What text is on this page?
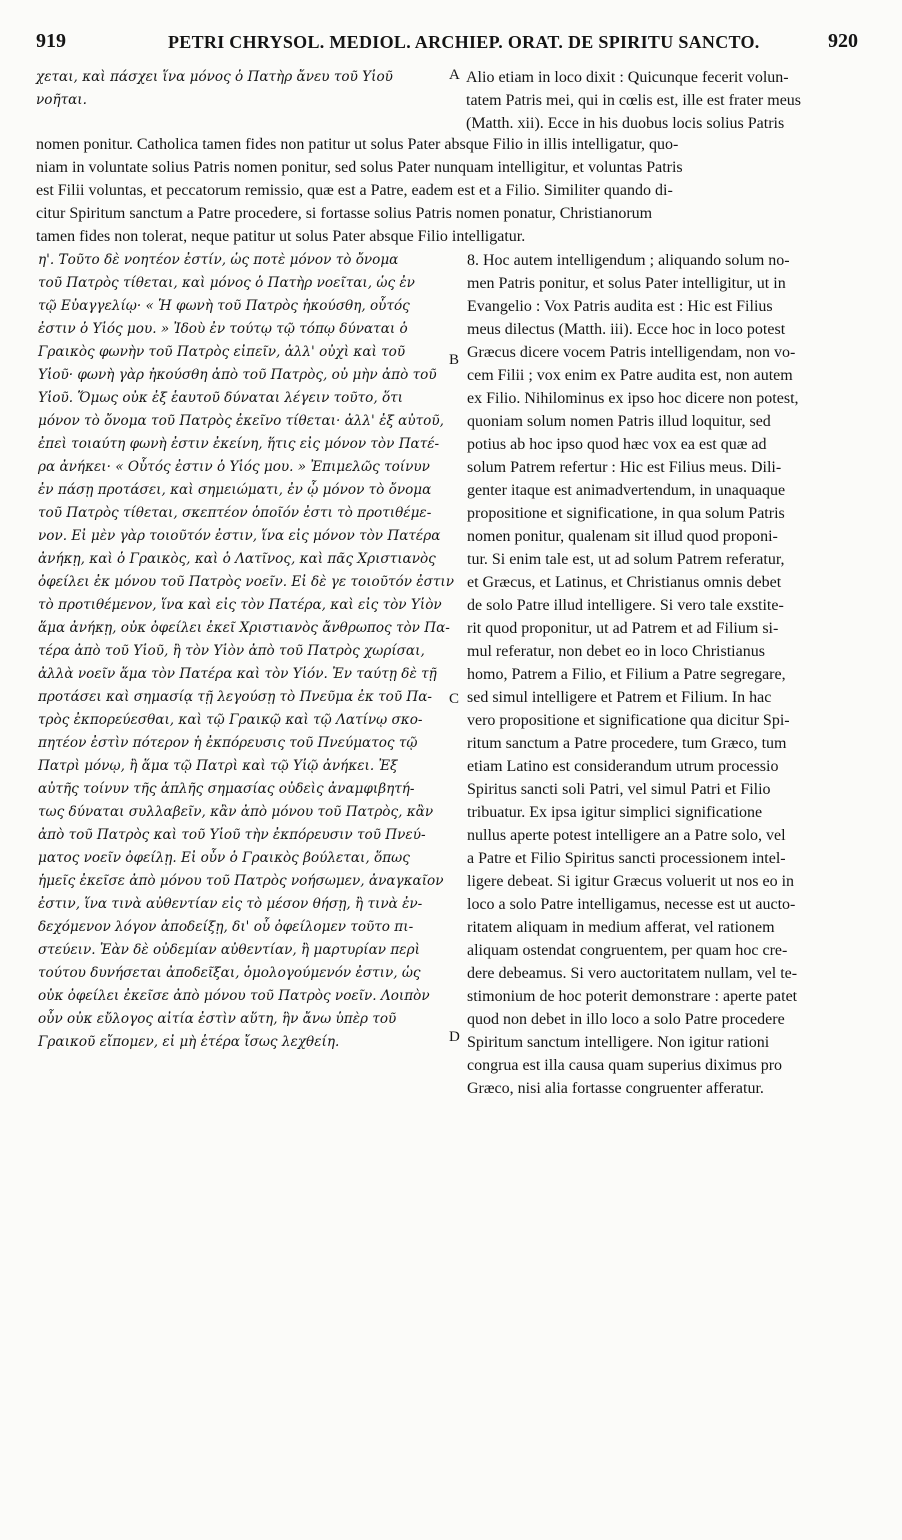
919	PETRI CHRYSOL. MEDIOL. ARCHIEP. ORAT. DE SPIRITU SANCTO.	920
χεται, καὶ πάσχει ἵνα μόνος ὁ Πατὴρ ἄνευ τοῦ Υἱοῦ
νοῆται.
Alio etiam in loco dixit : Quicunque fecerit volun-
tatem Patris mei, qui in cœlis est, ille est frater meus
(Matth. xii). Ecce in his duobus locis solius Patris
nomen ponitur. Catholica tamen fides non patitur ut solus Pater absque Filio in illis intelligatur, quo-
niam in voluntate solius Patris nomen ponitur, sed solus Pater nunquam intelligitur, et voluntas Patris
est Filii voluntas, et peccatorum remissio, quæ est a Patre, eadem est et a Filio. Similiter quando di-
citur Spiritum sanctum a Patre procedere, si fortasse solius Patris nomen ponatur, Christianorum
tamen fides non tolerat, neque patitur ut solus Pater absque Filio intelligatur.
η'. Τοῦτο δὲ νοητέον ἐστίν, ὡς ποτὲ μόνον τὸ ὄνομα
τοῦ Πατρὸς τίθεται, καὶ μόνος ὁ Πατὴρ νοεῖται, ὡς ἐν
τῷ Εὐαγγελίῳ· « Ἡ φωνὴ τοῦ Πατρὸς ἠκούσθη, οὗτός
ἐστιν ὁ Υἱός μου. » Ἰδοὺ ἐν τούτῳ τῷ τόπῳ δύναται ὁ
Γραικὸς φωνὴν τοῦ Πατρὸς εἰπεῖν, ἀλλ' οὐχὶ καὶ τοῦ
Υἱοῦ· φωνὴ γὰρ ἠκούσθη ἀπὸ τοῦ Πατρὸς, οὐ μὴν ἀπὸ τοῦ
Υἱοῦ. Ὅμως οὐκ ἐξ ἑαυτοῦ δύναται λέγειν τοῦτο, ὅτι
μόνον τὸ ὄνομα τοῦ Πατρὸς ἐκεῖνο τίθεται· ἀλλ' ἐξ αὐτοῦ,
ἐπεὶ τοιαύτη φωνὴ ἐστιν ἐκείνη, ἥτις εἰς μόνον τὸν Πατέ-
ρα ἀνήκει· « Οὗτός ἐστιν ὁ Υἱός μου. » Ἐπιμελῶς τοίνυν
ἐν πάσῃ προτάσει, καὶ σημειώματι, ἐν ᾧ μόνον τὸ ὄνομα
τοῦ Πατρὸς τίθεται, σκεπτέον ὁποῖόν ἐστι τὸ προτιθέμε-
νον. Εἰ μὲν γὰρ τοιοῦτόν ἐστιν, ἵνα εἰς μόνον τὸν Πατέρα
ἀνήκῃ, καὶ ὁ Γραικὸς, καὶ ὁ Λατῖνος, καὶ πᾶς Χριστιανὸς
ὀφείλει ἐκ μόνου τοῦ Πατρὸς νοεῖν. Εἰ δὲ γε τοιοῦτόν ἐστιν
τὸ προτιθέμενον, ἵνα καὶ εἰς τὸν Πατέρα, καὶ εἰς τὸν Υἱὸν
ἅμα ἀνήκῃ, οὐκ ὀφείλει ἐκεῖ Χριστιανὸς ἄνθρωπος τὸν Πα-
τέρα ἀπὸ τοῦ Υἱοῦ, ἢ τὸν Υἱὸν ἀπὸ τοῦ Πατρὸς χωρίσαι,
ἀλλὰ νοεῖν ἅμα τὸν Πατέρα καὶ τὸν Υἱόν. Ἐν ταύτῃ δὲ τῇ
προτάσει καὶ σημασίᾳ τῇ λεγούσῃ τὸ Πνεῦμα ἐκ τοῦ Πα-
τρὸς ἐκπορεύεσθαι, καὶ τῷ Γραικῷ καὶ τῷ Λατίνῳ σκο-
πητέον ἐστὶν πότερον ἡ ἐκπόρευσις τοῦ Πνεύματος τῷ
Πατρὶ μόνῳ, ἢ ἅμα τῷ Πατρὶ καὶ τῷ Υἱῷ ἀνήκει. Ἐξ
αὐτῆς τοίνυν τῆς ἁπλῆς σημασίας οὐδεὶς ἀναμφιβητή-
τως δύναται συλλαβεῖν, κἂν ἀπὸ μόνου τοῦ Πατρὸς, κἂν
ἀπὸ τοῦ Πατρὸς καὶ τοῦ Υἱοῦ τὴν ἐκπόρευσιν τοῦ Πνεύ-
ματος νοεῖν ὀφείλῃ. Εἰ οὖν ὁ Γραικὸς βούλεται, ὅπως
ἡμεῖς ἐκεῖσε ἀπὸ μόνου τοῦ Πατρὸς νοήσωμεν, ἀναγκαῖον
ἐστιν, ἵνα τινὰ αὐθεντίαν εἰς τὸ μέσον θήσῃ, ἢ τινὰ ἐν-
δεχόμενον λόγον ἀποδείξῃ, δι' οὗ ὀφείλομεν τοῦτο πι-
στεύειν. Ἐὰν δὲ οὐδεμίαν αὐθεντίαν, ἢ μαρτυρίαν περὶ
τούτου δυνήσεται ἀποδεῖξαι, ὁμολογούμενόν ἐστιν, ὡς
οὐκ ὀφείλει ἐκεῖσε ἀπὸ μόνου τοῦ Πατρὸς νοεῖν. Λοιπὸν
οὖν οὐκ εὔλογος αἰτία ἐστὶν αὕτη, ἣν ἄνω ὑπὲρ τοῦ
Γραικοῦ εἴπομεν, εἰ μὴ ἑτέρα ἴσως λεχθείη.
8. Hoc autem intelligendum ; aliquando solum no-
men Patris ponitur, et solus Pater intelligitur, ut in
Evangelio : Vox Patris audita est : Hic est Filius
meus dilectus (Matth. iii). Ecce hoc in loco potest
Græcus dicere vocem Patris intelligendam, non vo-
cem Filii ; vox enim ex Patre audita est, non autem
ex Filio. Nihilominus ex ipso hoc dicere non potest,
quoniam solum nomen Patris illud loquitur, sed
potius ab hoc ipso quod hæc vox ea est quæ ad
solum Patrem refertur : Hic est Filius meus. Dili-
genter itaque est animadvertendum, in unaquaque
propositione et significatione, in qua solum Patris
nomen ponitur, qualenam sit illud quod proponi-
tur. Si enim tale est, ut ad solum Patrem referatur,
et Græcus, et Latinus, et Christianus omnis debet
de solo Patre illud intelligere. Si vero tale exstite-
rit quod proponitur, ut ad Patrem et ad Filium si-
mul referatur, non debet eo in loco Christianus
homo, Patrem a Filio, et Filium a Patre segregare,
sed simul intelligere et Patrem et Filium. In hac
vero propositione et significatione qua dicitur Spi-
ritum sanctum a Patre procedere, tum Græco, tum
etiam Latino est considerandum utrum processio
Spiritus sancti soli Patri, vel simul Patri et Filio
tribuatur. Ex ipsa igitur simplici significatione
nullus aperte potest intelligere an a Patre solo, vel
a Patre et Filio Spiritus sancti processionem intel-
ligere debeat. Si igitur Græcus voluerit ut nos eo in
loco a solo Patre intelligamus, necesse est ut aucto-
ritatem aliquam in medium afferat, vel rationem
aliquam ostendat congruentem, per quam hoc cre-
dere debeamus. Si vero auctoritatem nullam, vel te-
stimonium de hoc poterit demonstrare : aperte patet
quod non debet in illo loco a solo Patre procedere
Spiritum sanctum intelligere. Non igitur rationi
congrua est illa causa quam superius diximus pro
Græco, nisi alia fortasse congruenter afferatur.
A
B
C
D
